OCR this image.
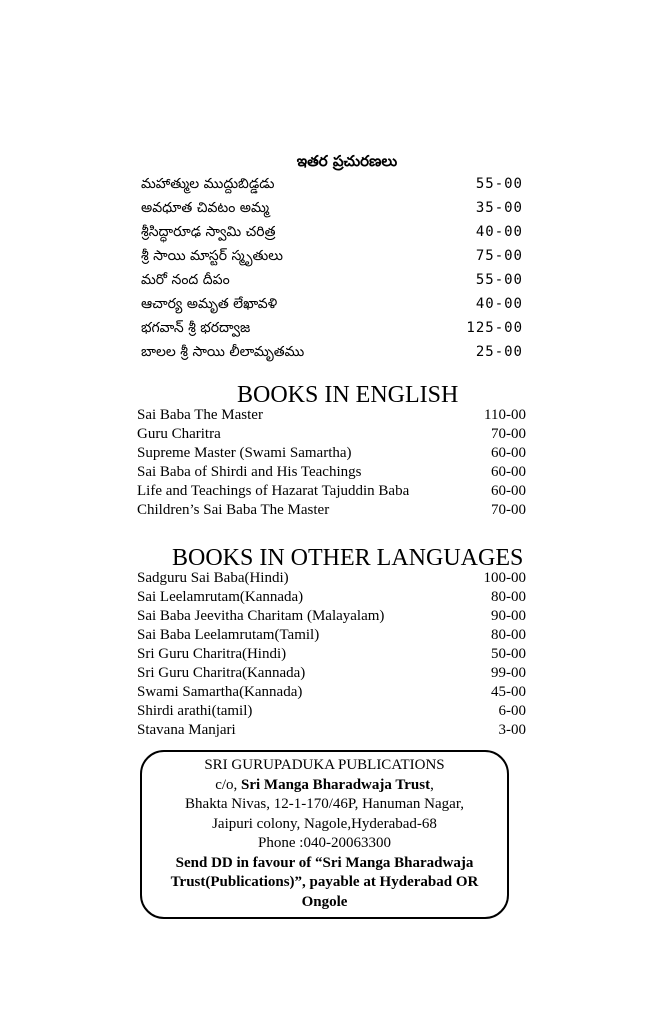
ఇతర ప్రచురణలు
మహాత్ముల ముద్దుబిడ్డడు	55-00
అవధూత చివటం అమ్మ	35-00
శ్రీసిద్ధారూఢ స్వామి చరిత్ర	40-00
శ్రీ సాయి మాస్టర్ స్మృతులు	75-00
మరో నంద దీపం	55-00
ఆచార్య అమృత లేఖావళి	40-00
భగవాన్ శ్రీ భరద్వాజ	125-00
బాలల శ్రీ సాయి లీలామృతము	25-00
BOOKS IN ENGLISH
Sai Baba The Master	110-00
Guru Charitra	70-00
Supreme Master (Swami Samartha)	60-00
Sai Baba of Shirdi and His Teachings	60-00
Life and Teachings of Hazarat Tajuddin Baba	60-00
Children’s Sai Baba The Master	70-00
BOOKS IN OTHER LANGUAGES
Sadguru Sai Baba(Hindi)	100-00
Sai Leelamrutam(Kannada)	80-00
Sai Baba Jeevitha Charitam (Malayalam)	90-00
Sai Baba Leelamrutam(Tamil)	80-00
Sri Guru Charitra(Hindi)	50-00
Sri Guru Charitra(Kannada)	99-00
Swami Samartha(Kannada)	45-00
Shirdi arathi(tamil)	6-00
Stavana Manjari	3-00
SRI GURUPADUKA PUBLICATIONS
c/o, Sri Manga Bharadwaja Trust,
Bhakta Nivas, 12-1-170/46P, Hanuman Nagar,
Jaipuri colony, Nagole,Hyderabad-68
Phone :040-20063300
Send DD in favour of “Sri Manga Bharadwaja
Trust(Publications)”, payable at Hyderabad OR
Ongole
